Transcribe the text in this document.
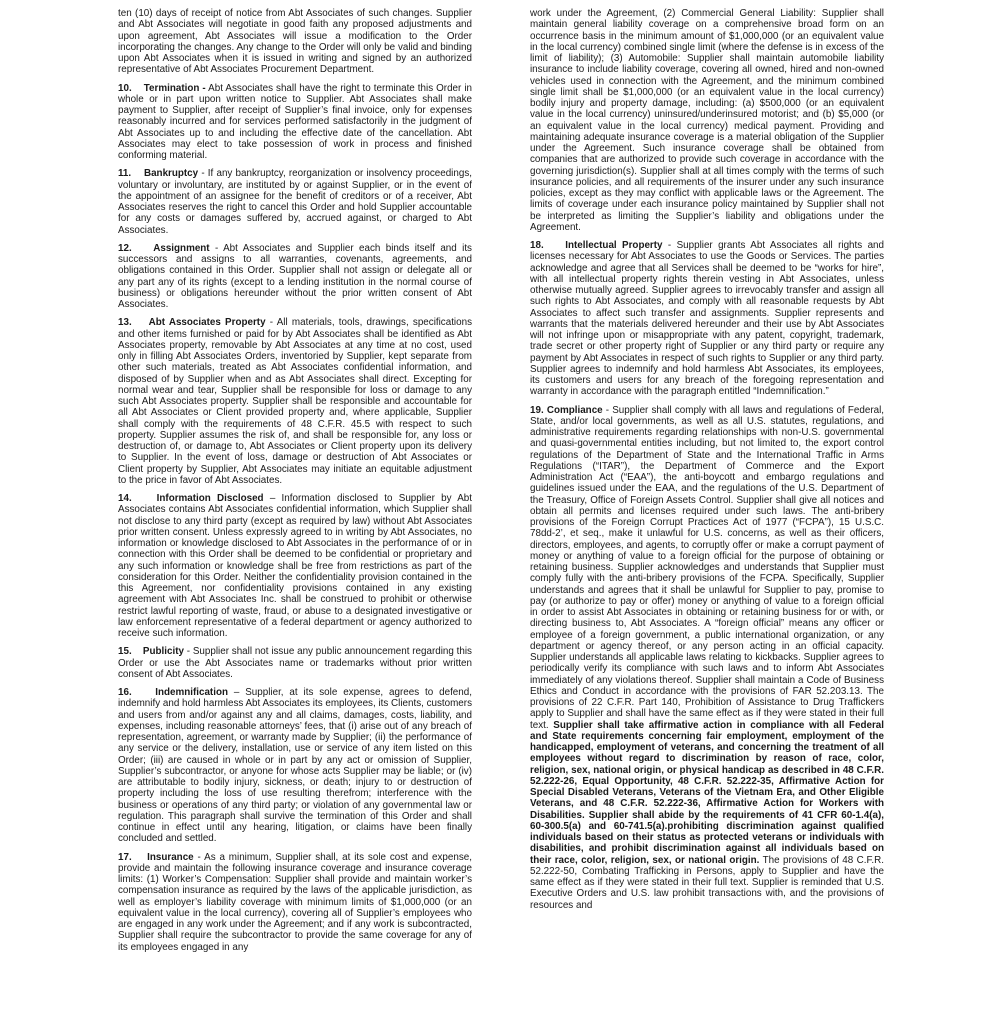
ten (10) days of receipt of notice from Abt Associates of such changes. Supplier and Abt Associates will negotiate in good faith any proposed adjustments and upon agreement, Abt Associates will issue a modification to the Order incorporating the changes. Any change to the Order will only be valid and binding upon Abt Associates when it is issued in writing and signed by an authorized representative of Abt Associates Procurement Department.

10. Termination - Abt Associates shall have the right to terminate this Order in whole or in part upon written notice to Supplier. Abt Associates shall make payment to Supplier, after receipt of Supplier’s final invoice, only for expenses reasonably incurred and for services performed satisfactorily in the judgment of Abt Associates up to and including the effective date of the cancellation. Abt Associates may elect to take possession of work in process and finished conforming material.

11. Bankruptcy - If any bankruptcy, reorganization or insolvency proceedings, voluntary or involuntary, are instituted by or against Supplier, or in the event of the appointment of an assignee for the benefit of creditors or of a receiver, Abt Associates reserves the right to cancel this Order and hold Supplier accountable for any costs or damages suffered by, accrued against, or charged to Abt Associates.

12. Assignment - Abt Associates and Supplier each binds itself and its successors and assigns to all warranties, covenants, agreements, and obligations contained in this Order. Supplier shall not assign or delegate all or any part any of its rights (except to a lending institution in the normal course of business) or obligations hereunder without the prior written consent of Abt Associates.

13. Abt Associates Property - All materials, tools, drawings, specifications and other items furnished or paid for by Abt Associates shall be identified as Abt Associates property, removable by Abt Associates at any time at no cost, used only in filling Abt Associates Orders, inventoried by Supplier, kept separate from other such materials, treated as Abt Associates confidential information, and disposed of by Supplier when and as Abt Associates shall direct. Excepting for normal wear and tear, Supplier shall be responsible for loss or damage to any such Abt Associates property. Supplier shall be responsible and accountable for all Abt Associates or Client provided property and, where applicable, Supplier shall comply with the requirements of 48 C.F.R. 45.5 with respect to such property. Supplier assumes the risk of, and shall be responsible for, any loss or destruction of, or damage to, Abt Associates or Client property upon its delivery to Supplier. In the event of loss, damage or destruction of Abt Associates or Client property by Supplier, Abt Associates may initiate an equitable adjustment to the price in favor of Abt Associates.

14.	Information Disclosed – Information disclosed to Supplier by Abt Associates contains Abt Associates confidential information, which Supplier shall not disclose to any third party (except as required by law) without Abt Associates prior written consent. Unless expressly agreed to in writing by Abt Associates, no information or knowledge disclosed to Abt Associates in the performance of or in connection with this Order shall be deemed to be confidential or proprietary and any such information or knowledge shall be free from restrictions as part of the consideration for this Order. Neither the confidentiality provision contained in the this Agreement, nor confidentiality provisions contained in any existing agreement with Abt Associates Inc. shall be construed to prohibit or otherwise restrict lawful reporting of waste, fraud, or abuse to a designated investigative or law enforcement representative of a federal department or agency authorized to receive such information.

15. Publicity - Supplier shall not issue any public announcement regarding this Order or use the Abt Associates name or trademarks without prior written consent of Abt Associates.

16. Indemnification – Supplier, at its sole expense, agrees to defend, indemnify and hold harmless Abt Associates its employees, its Clients, customers and users from and/or against any and all claims, damages, costs, liability, and expenses, including reasonable attorneys’ fees, that (i) arise out of any breach of representation, agreement, or warranty made by Supplier; (ii) the performance of any service or the delivery, installation, use or service of any item listed on this Order; (iii) are caused in whole or in part by any act or omission of Supplier, Supplier’s subcontractor, or anyone for whose acts Supplier may be liable; or (iv) are attributable to bodily injury, sickness, or death; injury to or destruction of property including the loss of use resulting therefrom; interference with the business or operations of any third party; or violation of any governmental law or regulation. This paragraph shall survive the termination of this Order and shall continue in effect until any hearing, litigation, or claims have been finally concluded and settled.

17. Insurance - As a minimum, Supplier shall, at its sole cost and expense, provide and maintain the following insurance coverage and insurance coverage limits: (1) Worker’s Compensation: Supplier shall provide and maintain worker’s compensation insurance as required by the laws of the applicable jurisdiction, as well as employer’s liability coverage with minimum limits of $1,000,000 (or an equivalent value in the local currency), covering all of Supplier’s employees who are engaged in any work under the Agreement; and if any work is subcontracted, Supplier shall require the subcontractor to provide the same coverage for any of its employees engaged in any

work under the Agreement, (2) Commercial General Liability: Supplier shall maintain general liability coverage on a comprehensive broad form on an occurrence basis in the minimum amount of $1,000,000 (or an equivalent value in the local currency) combined single limit (where the defense is in excess of the limit of liability); (3) Automobile: Supplier shall maintain automobile liability insurance to include liability coverage, covering all owned, hired and non-owned vehicles used in connection with the Agreement, and the minimum combined single limit shall be $1,000,000 (or an equivalent value in the local currency) bodily injury and property damage, including: (a) $500,000 (or an equivalent value in the local currency) uninsured/underinsured motorist; and (b) $5,000 (or an equivalent value in the local currency) medical payment. Providing and maintaining adequate insurance coverage is a material obligation of the Supplier under the Agreement. Such insurance coverage shall be obtained from companies that are authorized to provide such coverage in accordance with the governing jurisdiction(s). Supplier shall at all times comply with the terms of such insurance policies, and all requirements of the insurer under any such insurance policies, except as they may conflict with applicable laws or the Agreement. The limits of coverage under each insurance policy maintained by Supplier shall not be interpreted as limiting the Supplier’s liability and obligations under the Agreement.

18. Intellectual Property - Supplier grants Abt Associates all rights and licenses necessary for Abt Associates to use the Goods or Services. The parties acknowledge and agree that all Services shall be deemed to be “works for hire”, with all intellectual property rights therein vesting in Abt Associates, unless otherwise mutually agreed. Supplier agrees to irrevocably transfer and assign all such rights to Abt Associates, and comply with all reasonable requests by Abt Associates to affect such transfer and assignments. Supplier represents and warrants that the materials delivered hereunder and their use by Abt Associates will not infringe upon or misappropriate with any patent, copyright, trademark, trade secret or other property right of Supplier or any third party or require any payment by Abt Associates in respect of such rights to Supplier or any third party. Supplier agrees to indemnify and hold harmless Abt Associates, its employees, its customers and users for any breach of the foregoing representation and warranty in accordance with the paragraph entitled “Indemnification.”

19. Compliance - Supplier shall comply with all laws and regulations of Federal, State, and/or local governments, as well as all U.S. statutes, regulations, and administrative requirements regarding relationships with non-U.S. governmental and quasi-governmental entities including, but not limited to, the export control regulations of the Department of State and the International Traffic in Arms Regulations (“ITAR”), the Department of Commerce and the Export Administration Act (“EAA”), the anti-boycott and embargo regulations and guidelines issued under the EAA, and the regulations of the U.S. Department of the Treasury, Office of Foreign Assets Control. Supplier shall give all notices and obtain all permits and licenses required under such laws. The anti-bribery provisions of the Foreign Corrupt Practices Act of 1977 (“FCPA”), 15 U.S.C. 78dd-2’, et seq., make it unlawful for U.S. concerns, as well as their officers, directors, employees, and agents, to corruptly offer or make a corrupt payment of money or anything of value to a foreign official for the purpose of obtaining or retaining business. Supplier acknowledges and understands that Supplier must comply fully with the anti-bribery provisions of the FCPA. Specifically, Supplier understands and agrees that it shall be unlawful for Supplier to pay, promise to pay (or authorize to pay or offer) money or anything of value to a foreign official in order to assist Abt Associates in obtaining or retaining business for or with, or directing business to, Abt Associates. A “foreign official” means any officer or employee of a foreign government, a public international organization, or any department or agency thereof, or any person acting in an official capacity. Supplier understands all applicable laws relating to kickbacks. Supplier agrees to periodically verify its compliance with such laws and to inform Abt Associates immediately of any violations thereof. Supplier shall maintain a Code of Business Ethics and Conduct in accordance with the provisions of FAR 52.203.13. The provisions of 22 C.F.R. Part 140, Prohibition of Assistance to Drug Traffickers apply to Supplier and shall have the same effect as if they were stated in their full text. Supplier shall take affirmative action in compliance with all Federal and State requirements concerning fair employment, employment of the handicapped, employment of veterans, and concerning the treatment of all employees without regard to discrimination by reason of race, color, religion, sex, national origin, or physical handicap as described in 48 C.F.R. 52.222-26, Equal Opportunity, 48 C.F.R. 52.222-35, Affirmative Action for Special Disabled Veterans, Veterans of the Vietnam Era, and Other Eligible Veterans, and 48 C.F.R. 52.222-36, Affirmative Action for Workers with Disabilities. Supplier shall abide by the requirements of 41 CFR 60-1.4(a), 60-300.5(a) and 60-741.5(a).prohibiting discrimination against qualified individuals based on their status as protected veterans or individuals with disabilities, and prohibit discrimination against all individuals based on their race, color, religion, sex, or national origin. The provisions of 48 C.F.R. 52.222-50, Combating Trafficking in Persons, apply to Supplier and have the same effect as if they were stated in their full text. Supplier is reminded that U.S. Executive Orders and U.S. law prohibit transactions with, and the provisions of resources and
